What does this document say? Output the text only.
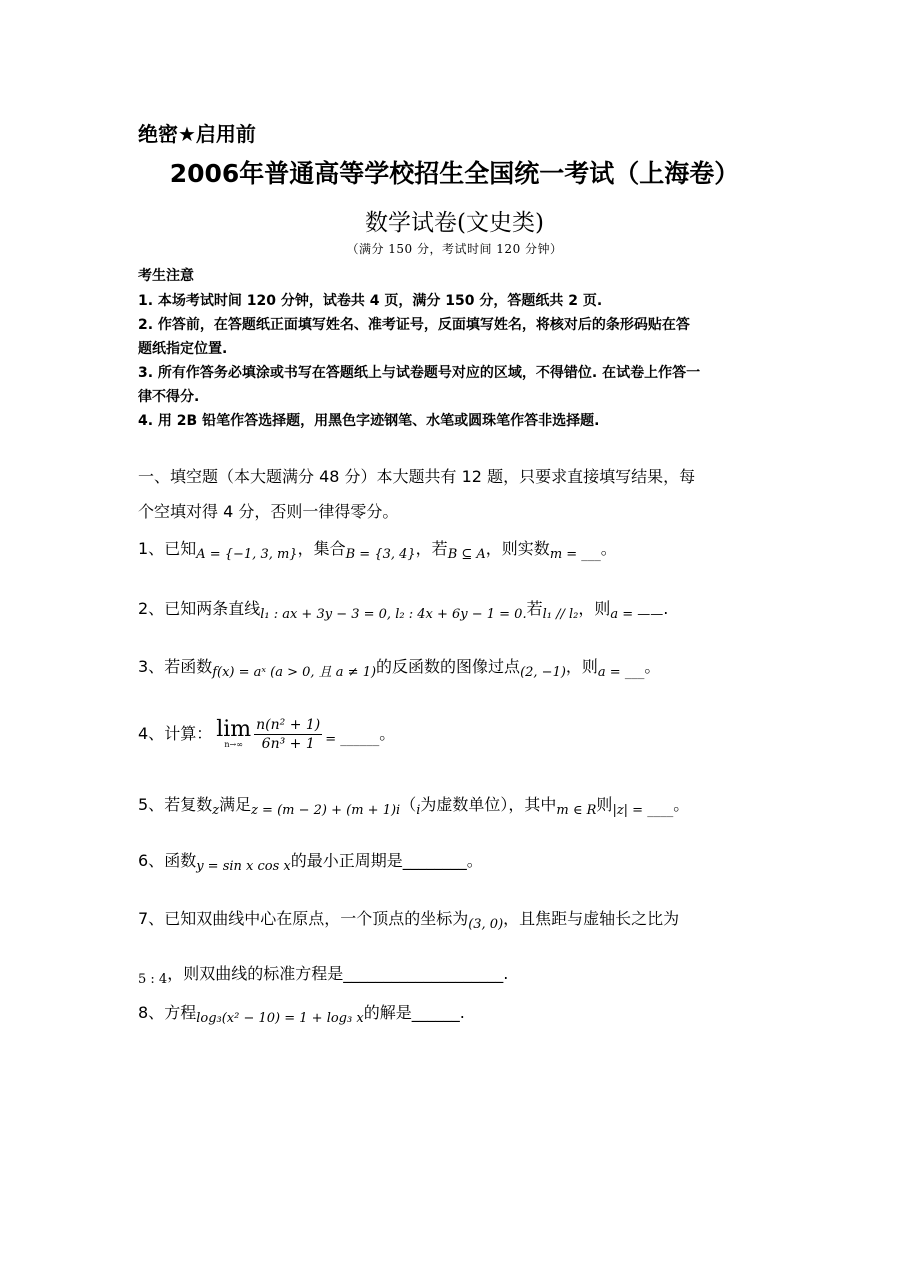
绝密★启用前
2006年普通高等学校招生全国统一考试（上海卷）
数学试卷(文史类)
（满分 150 分，考试时间 120 分钟）
考生注意
1. 本场考试时间 120 分钟，试卷共 4 页，满分 150 分，答题纸共 2 页.
2. 作答前，在答题纸正面填写姓名、准考证号，反面填写姓名，将核对后的条形码贴在答
题纸指定位置.
3. 所有作答务必填涂或书写在答题纸上与试卷题号对应的区域，不得错位. 在试卷上作答一
律不得分.
4. 用 2B 铅笔作答选择题，用黑色字迹钢笔、水笔或圆珠笔作答非选择题.
一、填空题（本大题满分 48 分）本大题共有 12 题，只要求直接填写结果，每
个空填对得 4 分，否则一律得零分。
1、已知$_{A = \{-1, 3, m\}}$，集合$_{B = \{3, 4\}}$，若$_{B ⊆ A}$，则实数$_{m = \_\_\_}$。
2、已知两条直线$_{l_1 : ax + 3y - 3 = 0, l_2 : 4x + 6y - 1 = 0.}$若$_{l_1 // l_2}$，则$_{a = ——}$.
3、若函数$_{f(x) = aˣ (a > 0, 且 a \ne 1)}$的反函数的图像过点$_{(2, -1)}$，则$_{a = \_\_\_}$。
4、计算： lim
$n\to\infty \frac{\text{n(n² + 1)}}{\text{6n³ + 1}} _{= \_\_\_\_\_\_}$。
5、若复数$_z$满足$_{z = (m - 2) + (m + 1)i}(_i$为虚数单位），其中$_{m \in R}$则$_{|z| = \_\_\_\_}$。
6、函数$_{y = sin x cos x}$的最小正周期是________。
7、已知双曲线中心在原点，一个顶点的坐标为$_{(3, 0)}$，且焦距与虚轴长之比为
$_{5 : 4}$，则双曲线的标准方程是____________________.
8、方程$_{log_3(x^2 - 10) = 1 + log_3 x}$的解是______.
